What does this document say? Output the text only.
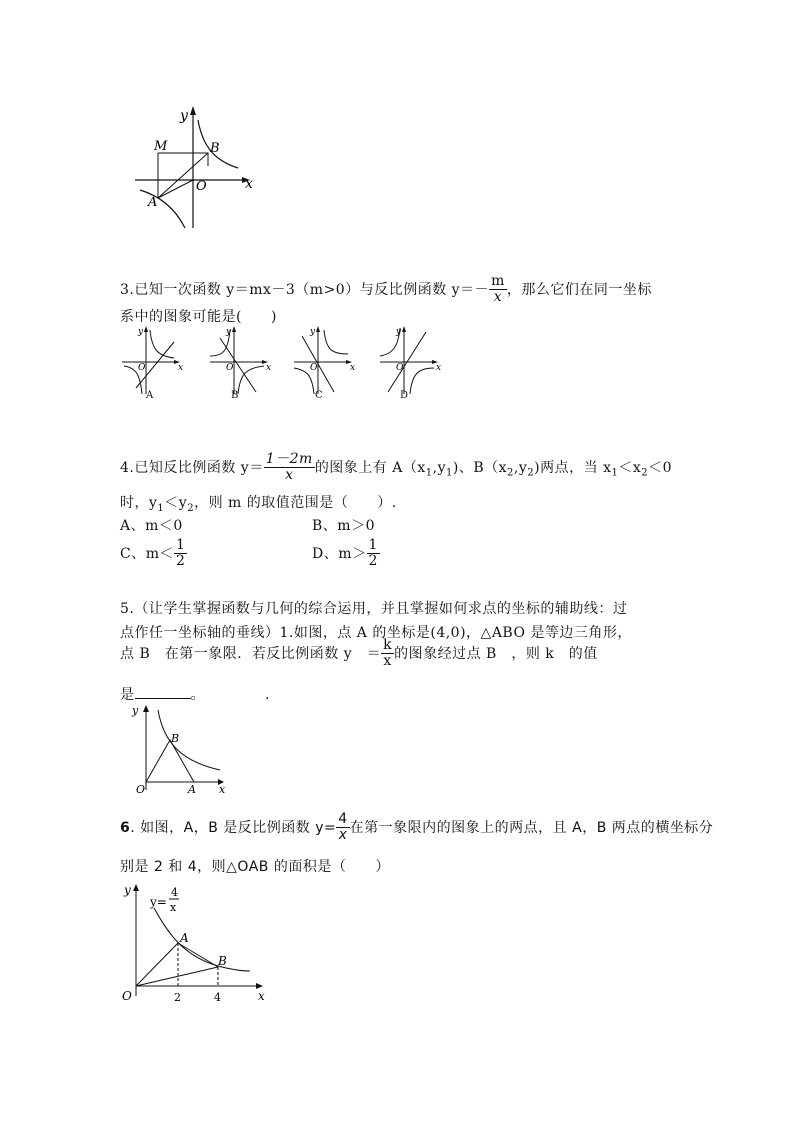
y
x
O
M	B
A
3.已知一次函数 y＝mx－3（m>0）与反比例函数 $y=- \frac{m}{x}$ ，那么它们在同一坐标
系中的图象可能是(　　)
y
x
O
y
x
O
y
x
O
y
x
O
A	B	C	D
4.已知反比例函数 $y= \frac{1-2m}{x}$ 的图象上有 $A(x_1,y_1)$、$B(x_2,y_2)$两点，当 $x_1<x_2<0$
时，$y_1<y_2$，则 m 的取值范围是（　　）.
A、m＜0	B、m＞0
C、$m< \frac{1}{2}$	D、$m> \frac{1}{2}$
5.（让学生掌握函数与几何的综合运用，并且掌握如何求点的坐标的辅助线：过
点作任一坐标轴的垂线）1.如图，点 A 的坐标是(4,0)，△ABO 是等边三角形，
点 B　在第一象限．若反比例函数 y　＝ $\frac{k}{x}$ 的图象经过点 B　，则 k　的值
是	。	.
y
x
O	A
B
6. 如图，A，B 是反比例函数 $y= \frac{4}{x}$ 在第一象限内的图象上的两点，且 A，B 两点的横坐标分
别是 2 和 4，则△OAB 的面积是（　　）
y
x
O
A
B
2	4
y=
4
x
